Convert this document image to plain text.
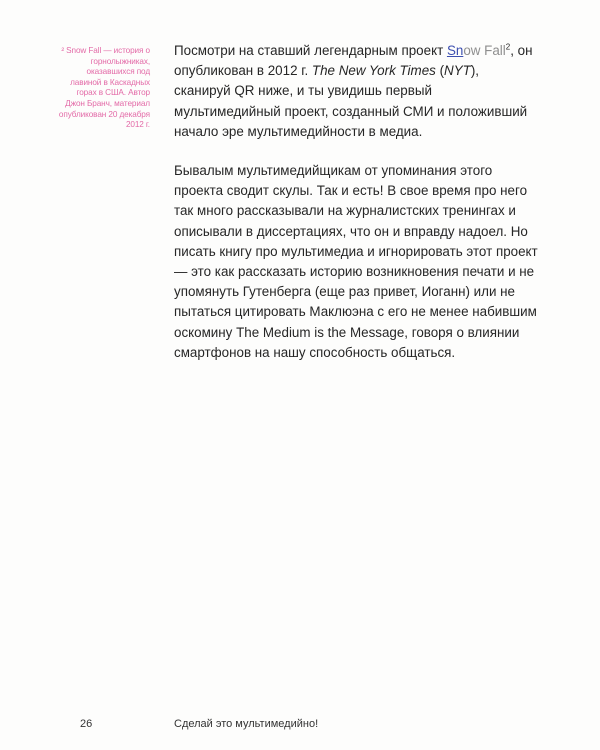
² Snow Fall — история о горнолыжниках, оказавшихся под лавиной в Каскадных горах в США. Автор Джон Бранч, материал опубликован 20 декабря 2012 г.

Посмотри на ставший легендарным проект Snow Fall$^2$, он опубликован в 2012 г. The New York Times (NYT), сканируй QR ниже, и ты увидишь первый мультимедийный проект, созданный СМИ и положивший начало эре мультимедийности в медиа.

Бывалым мультимедийщикам от упоминания этого проекта сводит скулы. Так и есть! В свое время про него так много рассказывали на журналистских тренингах и описывали в диссертациях, что он и вправду надоел. Но писать книгу про мультимедиа и игнорировать этот проект — это как рассказать историю возникновения печати и не упомянуть Гутенберга (еще раз привет, Иоганн) или не пытаться цитировать Маклюэна с его не менее набившим оскомину The Medium is the Message, говоря о влиянии смартфонов на нашу способность общаться.

26	Сделай это мультимедийно!
